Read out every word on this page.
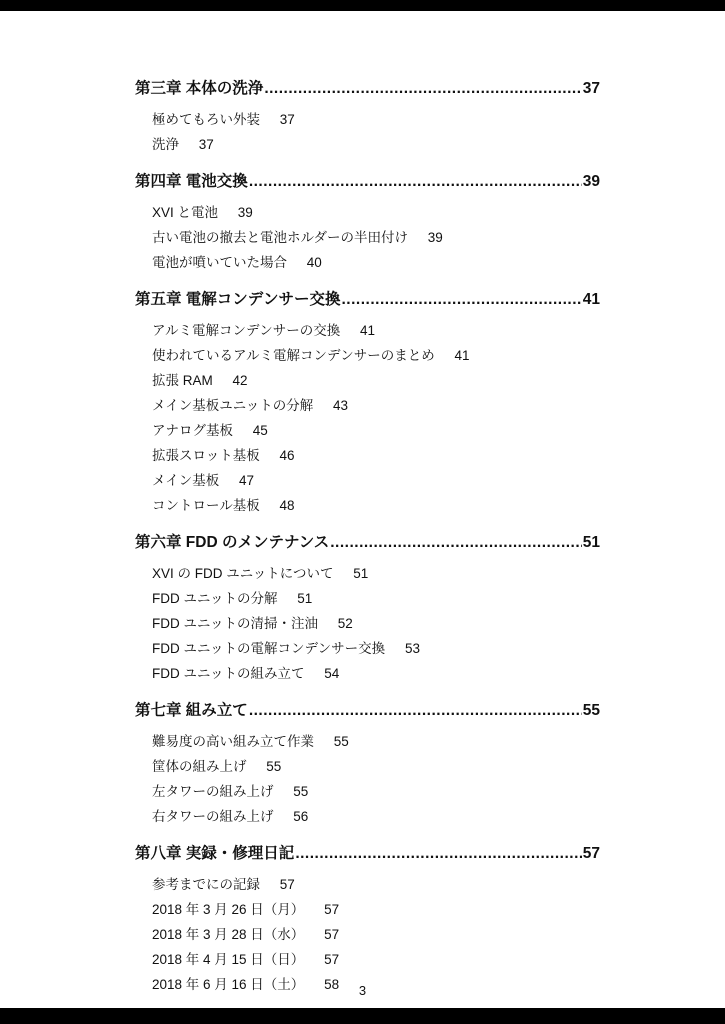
第三章 本体の洗浄 .....	37
極めてもろい外装 37
洗浄 37
第四章 電池交換 .....	39
XVI と電池 39
古い電池の撤去と電池ホルダーの半田付け 39
電池が噴いていた場合 40
第五章 電解コンデンサー交換 .....	41
アルミ電解コンデンサーの交換 41
使われているアルミ電解コンデンサーのまとめ 41
拡張 RAM 42
メイン基板ユニットの分解 43
アナログ基板 45
拡張スロット基板 46
メイン基板 47
コントロール基板 48
第六章 FDD のメンテナンス .....	51
XVI の FDD ユニットについて 51
FDD ユニットの分解 51
FDD ユニットの清掃・注油 52
FDD ユニットの電解コンデンサー交換 53
FDD ユニットの組み立て 54
第七章 組み立て .....	55
難易度の高い組み立て作業 55
筐体の組み上げ 55
左タワーの組み上げ 55
右タワーの組み上げ 56
第八章 実録・修理日記 .....	57
参考までにの記録 57
2018 年 3 月 26 日（月） 57
2018 年 3 月 28 日（水） 57
2018 年 4 月 15 日（日） 57
2018 年 6 月 16 日（土） 58	3
